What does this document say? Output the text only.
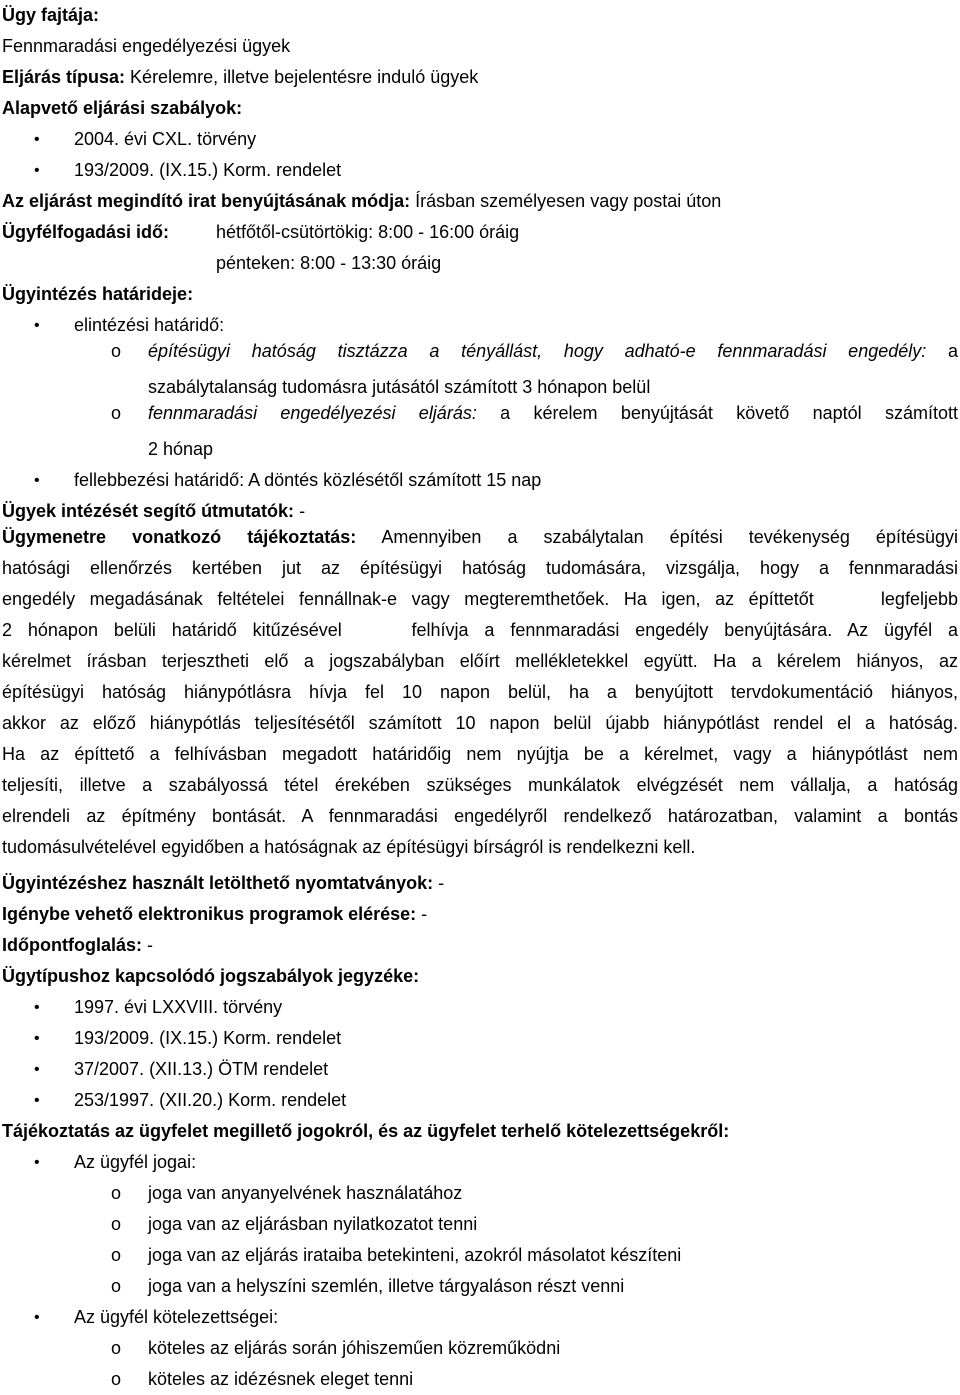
Ügy fajtája:
Fennmaradási engedélyezési ügyek
Eljárás típusa: Kérelemre, illetve bejelentésre induló ügyek
Alapvető eljárási szabályok:
• 2004. évi CXL. törvény
• 193/2009. (IX.15.) Korm. rendelet
Az eljárást megindító irat benyújtásának módja: Írásban személyesen vagy postai úton
Ügyfélfogadási idő:	hétfőtől-csütörtökig: 8:00 - 16:00 óráig
pénteken: 8:00 - 13:30 óráig
Ügyintézés határideje:
• elintézési határidő:
o építésügyi hatóság tisztázza a tényállást, hogy adható-e fennmaradási engedély: a
szabálytalanság tudomásra jutásától számított 3 hónapon belül
o fennmaradási engedélyezési eljárás: a kérelem benyújtását követő naptól számított
2 hónap
• fellebbezési határidő: A döntés közlésétől számított 15 nap
Ügyek intézését segítő útmutatók: -
Ügymenetre vonatkozó tájékoztatás: Amennyiben a szabálytalan építési tevékenység építésügyi
hatósági ellenőrzés kertében jut az építésügyi hatóság tudomására, vizsgálja, hogy a fennmaradási
engedély megadásának feltételei fennállnak-e vagy megteremthetőek. Ha igen, az építtetőt	legfeljebb
2 hónapon belüli határidő kitűzésével	felhívja a fennmaradási engedély benyújtására. Az ügyfél a
kérelmet írásban terjesztheti elő a jogszabályban előírt mellékletekkel együtt. Ha a kérelem hiányos, az
építésügyi hatóság hiánypótlásra hívja fel 10 napon belül, ha a benyújtott tervdokumentáció hiányos,
akkor az előző hiánypótlás teljesítésétől számított 10 napon belül újabb hiánypótlást rendel el a hatóság.
Ha az építtető a felhívásban megadott határidőig nem nyújtja be a kérelmet, vagy a hiánypótlást nem
teljesíti, illetve a szabályossá tétel érekében szükséges munkálatok elvégzését nem vállalja, a hatóság
elrendeli az építmény bontását. A fennmaradási engedélyről rendelkező határozatban, valamint a bontás
tudomásulvételével egyidőben a hatóságnak az építésügyi bírságról is rendelkezni kell.
Ügyintézéshez használt letölthető nyomtatványok: -
Igénybe vehető elektronikus programok elérése: -
Időpontfoglalás: -
Ügytípushoz kapcsolódó jogszabályok jegyzéke:
• 1997. évi LXXVIII. törvény
• 193/2009. (IX.15.) Korm. rendelet
• 37/2007. (XII.13.) ÖTM rendelet
• 253/1997. (XII.20.) Korm. rendelet
Tájékoztatás az ügyfelet megillető jogokról, és az ügyfelet terhelő kötelezettségekről:
• Az ügyfél jogai:
o joga van anyanyelvének használatához
o joga van az eljárásban nyilatkozatot tenni
o joga van az eljárás irataiba betekinteni, azokról másolatot készíteni
o joga van a helyszíni szemlén, illetve tárgyaláson részt venni
• Az ügyfél kötelezettségei:
o köteles az eljárás során jóhiszeműen közreműködni
o köteles az idézésnek eleget tenni
